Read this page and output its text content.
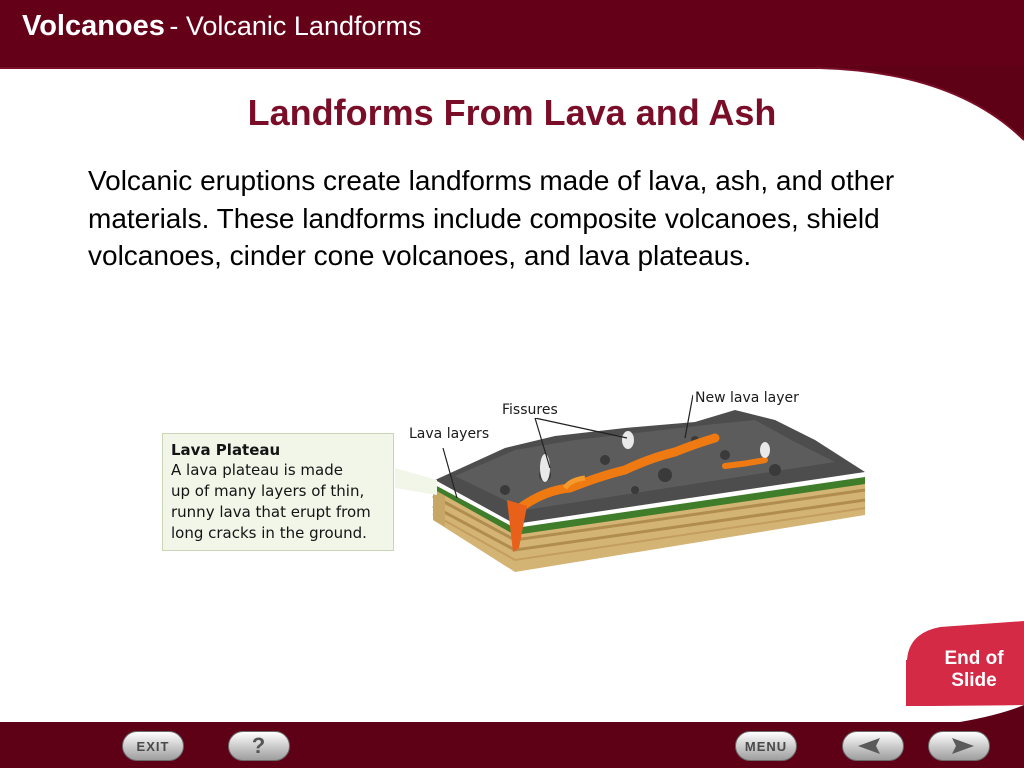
Volcanoes - Volcanic Landforms
Landforms From Lava and Ash
Volcanic eruptions create landforms made of lava, ash, and other materials. These landforms include composite volcanoes, shield volcanoes, cinder cone volcanoes, and lava plateaus.
Fissures
New lava layer
Lava layers
Lava Plateau
A lava plateau is made
up of many layers of thin,
runny lava that erupt from
long cracks in the ground.
End of
Slide
EXIT	?	MENU
